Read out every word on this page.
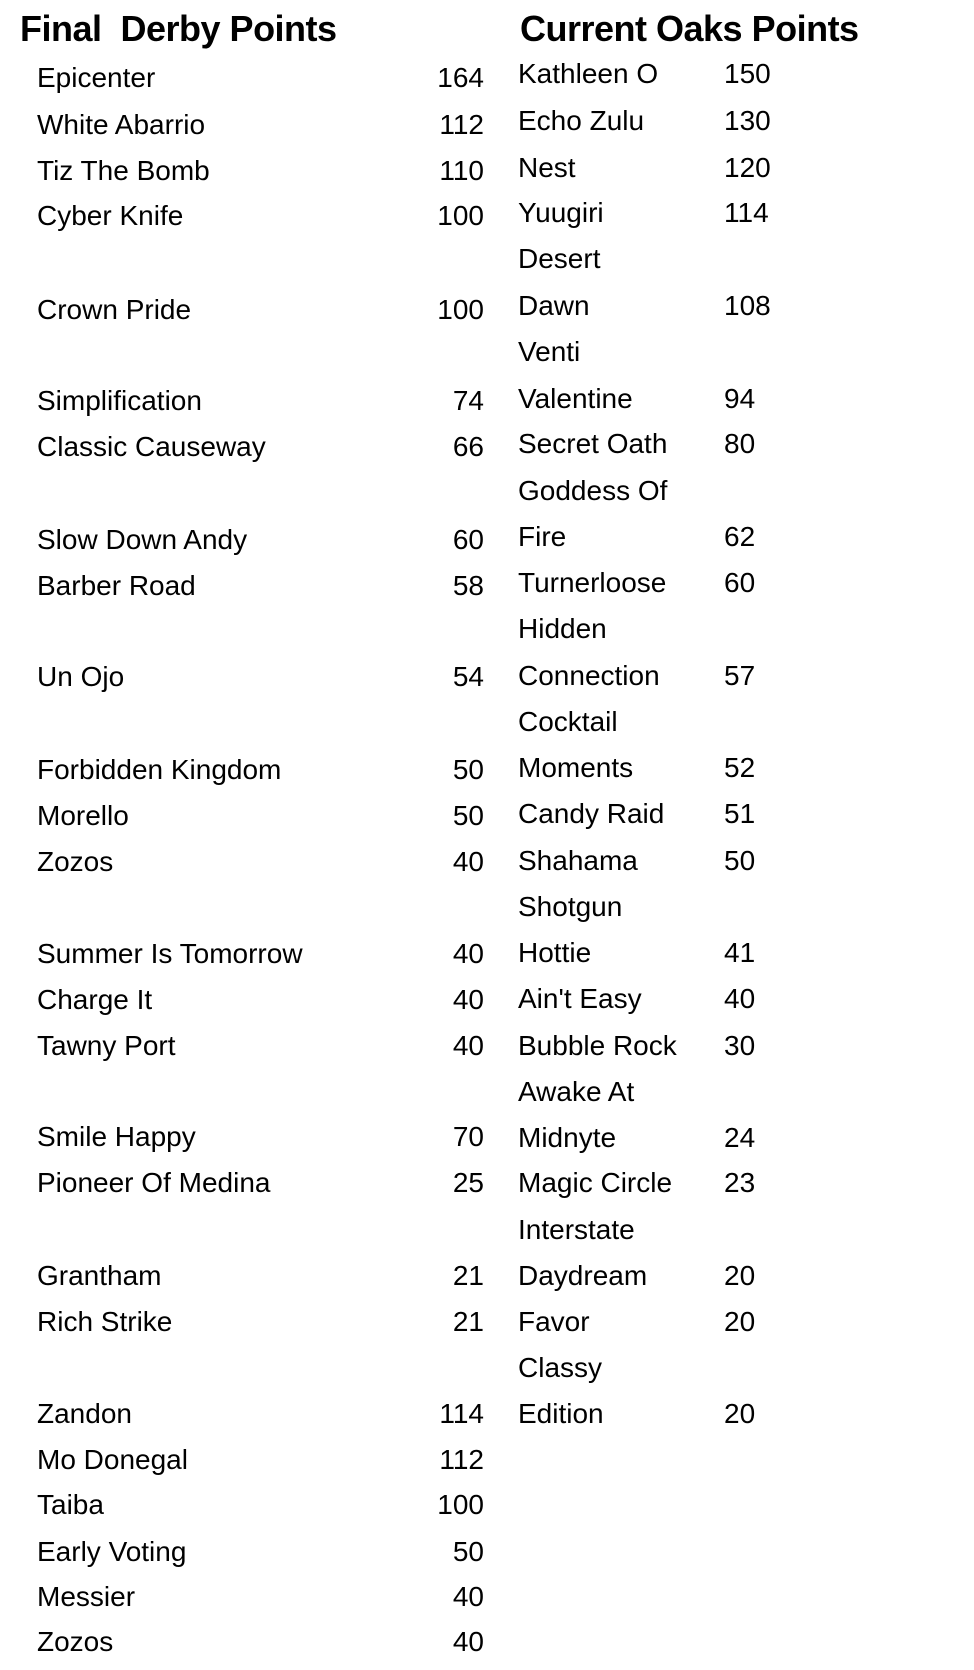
Final  Derby Points	Current Oaks Points
Epicenter	164
White Abarrio	112
Tiz The Bomb	110
Cyber Knife	100
Crown Pride	100
Simplification	74
Classic Causeway	66
Slow Down Andy	60
Barber Road	58
Un Ojo	54
Forbidden Kingdom	50
Morello	50
Zozos	40
Summer Is Tomorrow	40
Charge It	40
Tawny Port	40
Smile Happy	70
Pioneer Of Medina	25
Grantham	21
Rich Strike	21
Zandon	114
Mo Donegal	112
Taiba	100
Early Voting	50
Messier	40
Zozos	40
Kathleen O 150
Echo Zulu	130
Nest	120
Yuugiri	114
Desert
Dawn	108
Venti
Valentine	94
Secret Oath 80
Goddess Of
Fire	62
Turnerloose 60
Hidden
Connection 57
Cocktail
Moments	52
Candy Raid 51
Shahama	50
Shotgun
Hottie	41
Ain't Easy	40
Bubble Rock 30
Awake At
Midnyte	24
Magic Circle 23
Interstate
Daydream	20
Favor	20
Classy
Edition	20
